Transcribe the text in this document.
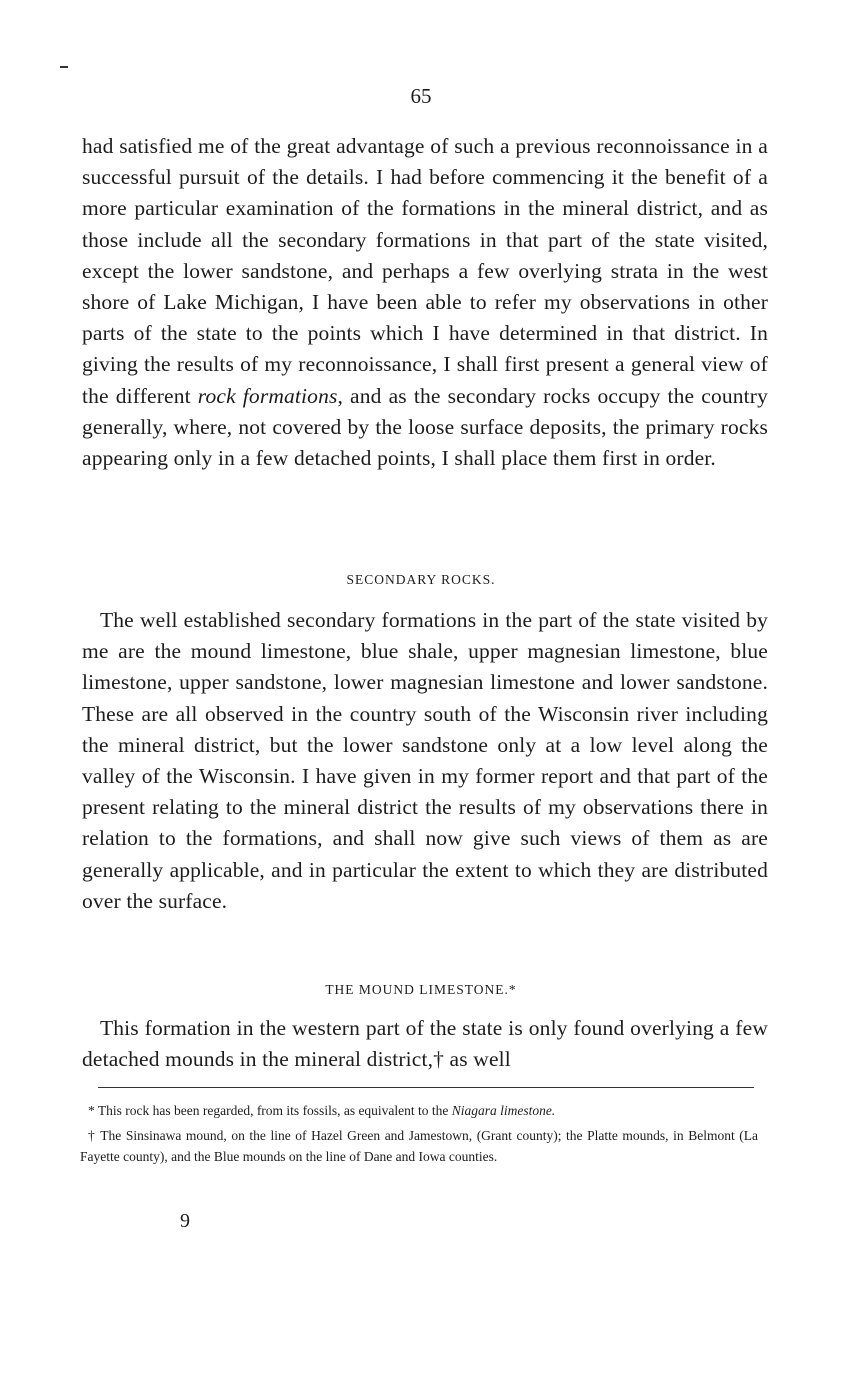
65

had satisfied me of the great advantage of such a previous reconnoissance in a successful pursuit of the details. I had before commencing it the benefit of a more particular examination of the formations in the mineral district, and as those include all the secondary formations in that part of the state visited, except the lower sandstone, and perhaps a few overlying strata in the west shore of Lake Michigan, I have been able to refer my observations in other parts of the state to the points which I have determined in that district. In giving the results of my reconnoissance, I shall first present a general view of the different rock formations, and as the secondary rocks occupy the country generally, where, not covered by the loose surface deposits, the primary rocks appearing only in a few detached points, I shall place them first in order.

SECONDARY ROCKS.

The well established secondary formations in the part of the state visited by me are the mound limestone, blue shale, upper magnesian limestone, blue limestone, upper sandstone, lower magnesian limestone and lower sandstone. These are all observed in the country south of the Wisconsin river including the mineral district, but the lower sandstone only at a low level along the valley of the Wisconsin. I have given in my former report and that part of the present relating to the mineral district the results of my observations there in relation to the formations, and shall now give such views of them as are generally applicable, and in particular the extent to which they are distributed over the surface.

THE MOUND LIMESTONE.*

This formation in the western part of the state is only found overlying a few detached mounds in the mineral district,† as well

* This rock has been regarded, from its fossils, as equivalent to the Niagara limestone.

† The Sinsinawa mound, on the line of Hazel Green and Jamestown, (Grant county); the Platte mounds, in Belmont (La Fayette county), and the Blue mounds on the line of Dane and Iowa counties.

9
